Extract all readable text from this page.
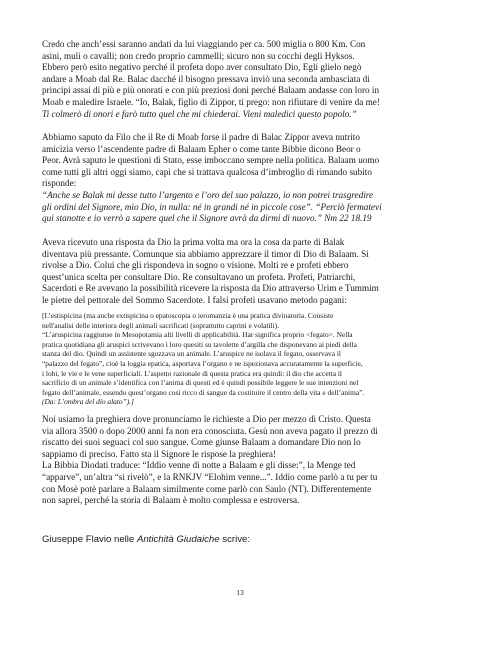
Credo che anch’essi saranno andati da lui viaggiando per ca. 500 miglia o 800 Km. Con
asini, muli o cavalli; non credo proprio cammelli; sicuro non su cocchi degli Hyksos.
Ebbero però esito negativo perché il profeta dopo aver consultato Dio, Egli glielo negò
andare a Moab dal Re. Balac dacché il bisogno pressava inviò una seconda ambasciata di
principi assai di più e più onorati e con più preziosi doni perché Balaam andasse con loro in
Moab e maledire Israele. “Io, Balak, figlio di Zippor, ti prego: non rifiutare di venire da me!
Ti colmerò di onori e farò tutto quel che mi chiederai. Vieni maledici questo popolo.”

Abbiamo saputo da Filo che il Re di Moab forse il padre di Balac Zippor aveva nutrito
amicizia verso l’ascendente padre di Balaam Epher o come tante Bibbie dicono Beor o
Peor. Avrà saputo le questioni di Stato, esse imboccano sempre nella politica. Balaam uomo
come tutti gli altri oggi siamo, capì che si trattava qualcosa d’imbroglio di rimando subito
risponde:
“Anche se Balak mi desse tutto l’argento e l’oro del suo palazzo, io non potrei trasgredire
gli ordini del Signore, mio Dio, in nulla: né in grandi né in piccole cose”. “Perciò fermatevi
qui stanotte e io verrò a sapere quel che il Signore avrà da dirmi di nuovo.” Nm 22 18.19

Aveva ricevuto una risposta da Dio la prima volta ma ora la cosa da parte di Balak
diventava più pressante. Comunque sia abbiamo apprezzare il timor di Dio di Balaam. Si
rivolse a Dio. Colui che gli rispondeva in sogno o visione. Molti re e profeti ebbero
quest’unica scelta per consultare Dio. Re consultavano un profeta. Profeti, Patriarchi,
Sacerdoti e Re avevano la possibilità ricevere la risposta da Dio attraverso Urim e Tummim
le pietre del pettorale del Sommo Sacerdote. I falsi profeti usavano metodo pagani:

[L’estispicina (ma anche extispicina o epatoscopia o ieromanzia è una pratica divinatoria. Consiste
nell'analisi delle interiora degli animali sacrificati (soprattutto caprini e volatili).
“L’aruspicina raggiunse in Mesopotamia alti livelli di applicabilità. Har significa proprio <fegato>. Nella
pratica quotidiana gli aruspici scrivevano i loro quesiti su tavolette d’argilla che disponevano ai piedi della
stanza del dio. Quindi un assistente sgozzava un animale. L’aruspice ne isolava il fegato, osservava il
“palazzo del fegato”, cioè la loggia epatica, asportava l’organo e ne ispezionava accuratamente la superficie,
i lobi, le vie e le vene superficiali. L’aspetto razionale di questa pratica era quindi: il dio che accetta il
sacrificio di un animale s’identifica con l’anima di questi ed è quindi possibile leggere le sue intenzioni nel
fegato dell’animale, essendo quest’organo così ricco di sangue da costituire il centro della vita e dell’anima”.
(Da: L’ombra del dio alato”).]

Noi usiamo la preghiera dove pronunciamo le richieste a Dio per mezzo di Cristo. Questa
via allora 3500 o dopo 2000 anni fa non era conosciuta. Gesù non aveva pagato il prezzo di
riscatto dei suoi seguaci col suo sangue. Come giunse Balaam a domandare Dio non lo
sappiamo di preciso. Fatto sta il Signore le rispose la preghiera!
La Bibbia Diodati traduce: “Iddio venne di notte a Balaam e gli disse:”, la Menge ted
“apparve”, un’altra “si rivelò”, e la RNKJV “Elohim venne...”. Iddio come parlò a tu per tu
con Mosè potè parlare a Balaam similmente come parlò con Saulo (NT). Differentemente
non saprei, perché la storia di Balaam è molto complessa e estroversa.

Giuseppe Flavio nelle Antichità Giudaiche scrive:

13
